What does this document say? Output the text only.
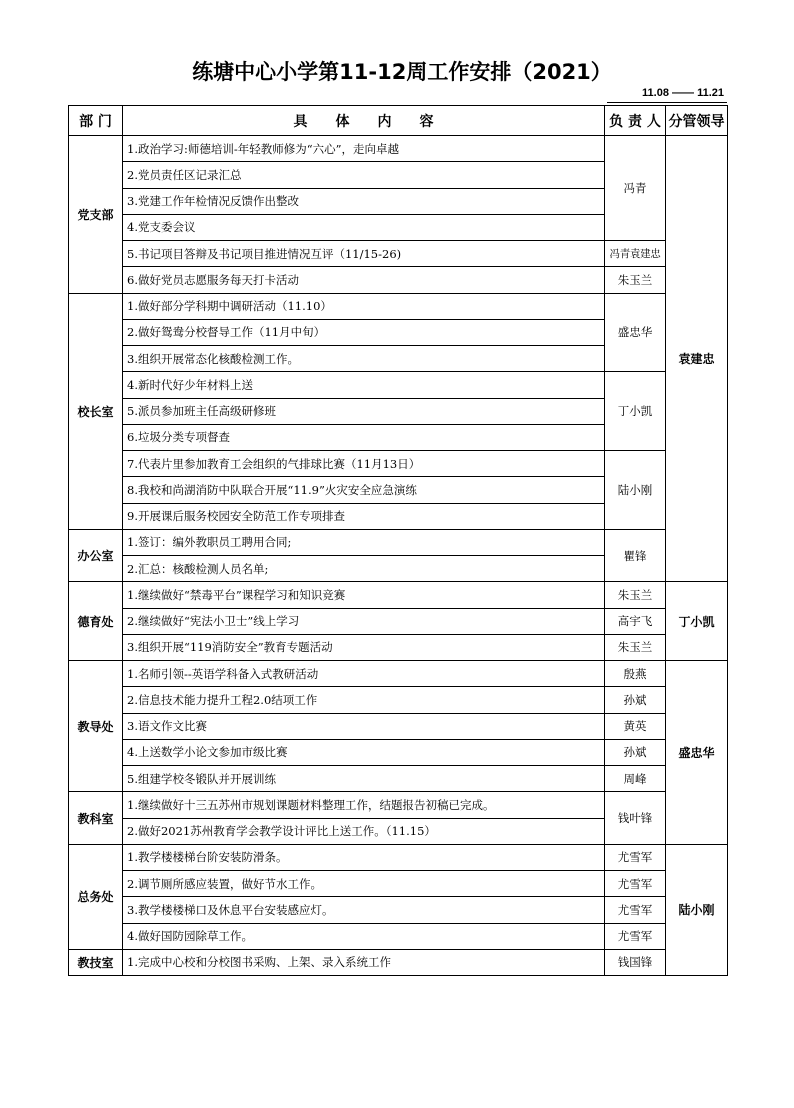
练塘中心小学第11-12周工作安排（2021）
11.08 —— 11.21
部 门	具体内容	负 责 人 分管领导
党支部
校长室
办公室
德育处
教导处
教科室
总务处
教技室
1.政治学习:师德培训-年轻教师修为“六心”，走向卓越
2.党员责任区记录汇总
3.党建工作年检情况反馈作出整改
4.党支委会议
5.书记项目答辩及书记项目推进情况互评（11/15-26)
6.做好党员志愿服务每天打卡活动
1.做好部分学科期中调研活动（11.10）
2.做好鸳鸯分校督导工作（11月中旬）
3.组织开展常态化核酸检测工作。
4.新时代好少年材料上送
5.派员参加班主任高级研修班
6.垃圾分类专项督查
7.代表片里参加教育工会组织的气排球比赛（11月13日）
8.我校和尚湖消防中队联合开展“11.9”火灾安全应急演练
9.开展课后服务校园安全防范工作专项排查
1.签订：编外教职员工聘用合同;
2.汇总：核酸检测人员名单;
1.继续做好“禁毒平台”课程学习和知识竞赛
2.继续做好“宪法小卫士”线上学习
3.组织开展“119消防安全”教育专题活动
1.名师引领--英语学科备入式教研活动
2.信息技术能力提升工程2.0结项工作
3.语文作文比赛
4.上送数学小论文参加市级比赛
5.组建学校冬锻队并开展训练
1.继续做好十三五苏州市规划课题材料整理工作，结题报告初稿已完成。
2.做好2021苏州教育学会教学设计评比上送工作。（11.15）
1.教学楼楼梯台阶安装防滑条。
2.调节厕所感应装置，做好节水工作。
3.教学楼楼梯口及休息平台安装感应灯。
4.做好国防园除草工作。
1.完成中心校和分校图书采购、上架、录入系统工作
冯青
冯青袁建忠
朱玉兰
盛忠华
丁小凯
陆小刚
瞿锋
朱玉兰
高宇飞
朱玉兰
殷燕
孙斌
黄英
孙斌
周峰
钱叶锋
尤雪军
尤雪军
尤雪军
尤雪军
钱国锋
袁建忠
丁小凯
盛忠华
陆小刚
